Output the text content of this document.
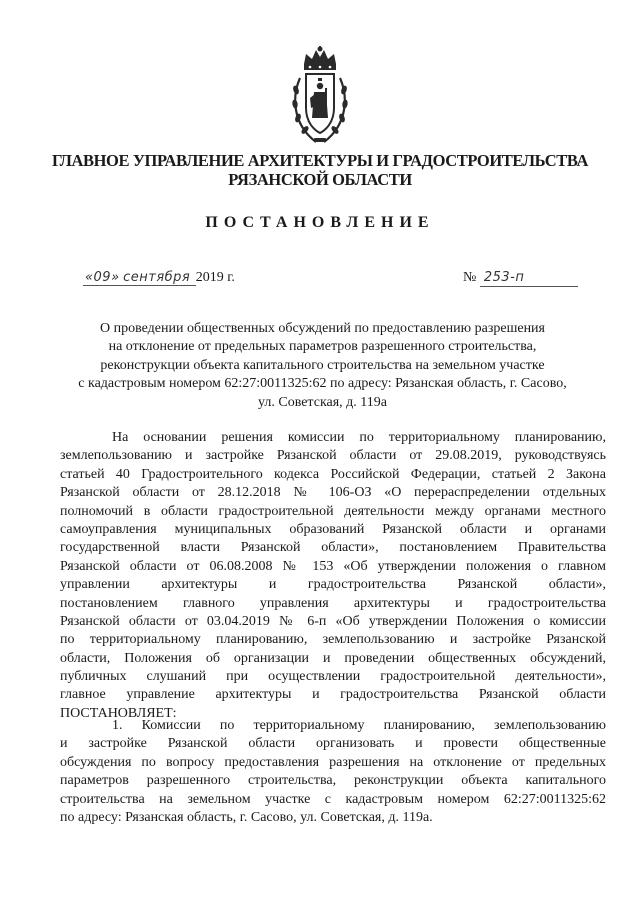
ГЛАВНОЕ УПРАВЛЕНИЕ АРХИТЕКТУРЫ И ГРАДОСТРОИТЕЛЬСТВА
РЯЗАНСКОЙ ОБЛАСТИ
ПОСТАНОВЛЕНИЕ
«09» сентября 2019 г.	№ 253-п
О проведении общественных обсуждений по предоставлению разрешения
на отклонение от предельных параметров разрешенного строительства,
реконструкции объекта капитального строительства на земельном участке
с кадастровым номером 62:27:0011325:62 по адресу: Рязанская область, г. Сасово,
ул. Советская, д. 119а
На основании решения комиссии по территориальному планированию,
землепользованию и застройке Рязанской области от 29.08.2019, руководствуясь
статьей 40 Градостроительного кодекса Российской Федерации, статьей 2 Закона
Рязанской области от 28.12.2018 № 106-ОЗ «О перераспределении отдельных
полномочий в области градостроительной деятельности между органами местного
самоуправления муниципальных образований Рязанской области и органами
государственной власти Рязанской области», постановлением Правительства
Рязанской области от 06.08.2008 № 153 «Об утверждении положения о главном
управлении архитектуры и градостроительства Рязанской области»,
постановлением главного управления архитектуры и градостроительства
Рязанской области от 03.04.2019 № 6-п «Об утверждении Положения о комиссии
по территориальному планированию, землепользованию и застройке Рязанской
области, Положения об организации и проведении общественных обсуждений,
публичных слушаний при осуществлении градостроительной деятельности»,
главное управление архитектуры и градостроительства Рязанской области
ПОСТАНОВЛЯЕТ:
1. Комиссии по территориальному планированию, землепользованию
и застройке Рязанской области организовать и провести общественные
обсуждения по вопросу предоставления разрешения на отклонение от предельных
параметров разрешенного строительства, реконструкции объекта капитального
строительства на земельном участке с кадастровым номером 62:27:0011325:62
по адресу: Рязанская область, г. Сасово, ул. Советская, д. 119а.
